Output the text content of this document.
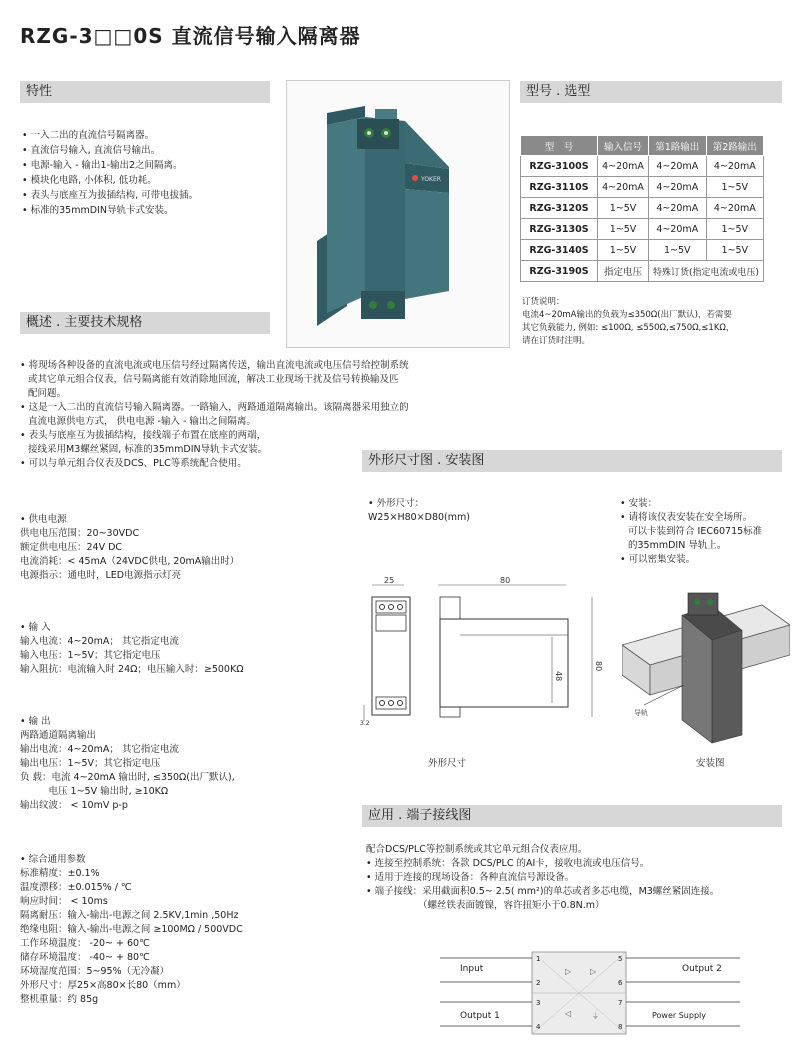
RZG-3□□0S 直流信号输入隔离器
特性	型号 . 选型
概述 . 主要技术规格
外形尺寸图 . 安装图
应用 . 端子接线图
• 一入二出的直流信号隔离器。
• 直流信号输入, 直流信号输出。
• 电源-输入 - 输出1-输出2之间隔离。
• 模块化电路, 小体积, 低功耗。
• 表头与底座互为拔插结构, 可带电拔插。
• 标准的35mmDIN导轨卡式安装。
YOKER
型　号	输入信号	第1路输出	第2路输出
RZG-3100S	4~20mA	4~20mA	4~20mA
RZG-3110S	4~20mA	4~20mA	1~5V
RZG-3120S	1~5V	4~20mA	4~20mA
RZG-3130S	1~5V	4~20mA	1~5V
RZG-3140S	1~5V	1~5V	1~5V
RZG-3190S	指定电压	特殊订货(指定电流或电压)	
订货说明：
电流4~20mA输出的负载为≤350Ω(出厂默认)，若需要
其它负载能力, 例如: ≤100Ω, ≤550Ω,≤750Ω,≤1KΩ，
请在订货时注明。
• 将现场各种设备的直流电流或电压信号经过隔离传送，输出直流电流或电压信号给控制系统
或其它单元组合仪表，信号隔离能有效消除地回流，解决工业现场干扰及信号转换输及匹
配问题。
• 这是一入二出的直流信号输入隔离器。一路输入，两路通道隔离输出。该隔离器采用独立的
直流电源供电方式， 供电电源 -输入 - 输出之间隔离。
• 表头与底座互为拔插结构，接线端子布置在底座的两端，
接线采用M3螺丝紧固, 标准的35mmDIN导轨卡式安装。
• 可以与单元组合仪表及DCS、PLC等系统配合使用。
• 供电电源
供电电压范围：20~30VDC
额定供电电压：24V DC
电流消耗：< 45mA（24VDC供电, 20mA输出时）
电源指示：通电时，LED电源指示灯亮
• 输 入
输入电流：4~20mA； 其它指定电流
输入电压：1~5V；其它指定电压
输入阻抗：电流输入时 24Ω；电压输入时：≥500KΩ
• 输 出
两路通道隔离输出
输出电流：4~20mA； 其它指定电流
输出电压：1~5V；其它指定电压
负 载：电流 4~20mA 输出时, ≤350Ω(出厂默认),
　　　电压 1~5V 输出时, ≥10KΩ
输出纹波： < 10mV p-p
• 综合通用参数
标准精度：±0.1%
温度漂移：±0.015% / ℃
响应时间： < 10ms
隔离耐压：输入-输出-电源之间 2.5KV,1min ,50Hz
绝缘电阻：输入-输出-电源之间 ≥100MΩ / 500VDC
工作环境温度： -20~ + 60℃
储存环境温度： -40~ + 80℃
环境湿度范围：5~95%（无冷凝）
外形尺寸：厚25×高80×长80（mm）
整机重量：约 85g
• 外形尺寸：
W25×H80×D80(mm)
25
3.2
80
48
80
外形尺寸
• 安装：
• 请将该仪表安装在安全场所。
可以卡装到符合 IEC60715标准
的35mmDIN 导轨上。
• 可以密集安装。
导轨
安装图
配合DCS/PLC等控制系统或其它单元组合仪表应用。
• 连接至控制系统：各款 DCS/PLC 的AI卡，接收电流或电压信号。
• 适用于连接的现场设备：各种直流信号源设备。
• 端子接线：采用截面积0.5~ 2.5( mm²)的单芯或者多芯电缆，M3螺丝紧固连接。
（螺丝铁表面镀镍，容许扭矩小于0.8N.m）
▷ ▷
◁	⏚
Input
Output 1
Output 2
Power Supply
1
2
3
4
5
6
7
8
